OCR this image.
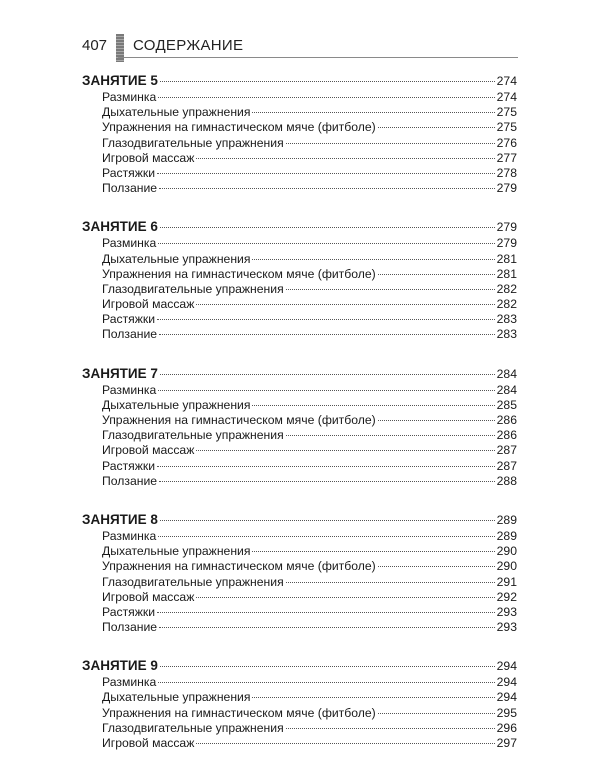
407 СОДЕРЖАНИЕ
ЗАНЯТИЕ 5	274
Разминка	274
Дыхательные упражнения	275
Упражнения на гимнастическом мяче (фитболе)	275
Глазодвигательные упражнения	276
Игровой массаж	277
Растяжки	278
Ползание	279
ЗАНЯТИЕ 6	279
Разминка	279
Дыхательные упражнения	281
Упражнения на гимнастическом мяче (фитболе)	281
Глазодвигательные упражнения	282
Игровой массаж	282
Растяжки	283
Ползание	283
ЗАНЯТИЕ 7	284
Разминка	284
Дыхательные упражнения	285
Упражнения на гимнастическом мяче (фитболе)	286
Глазодвигательные упражнения	286
Игровой массаж	287
Растяжки	287
Ползание	288
ЗАНЯТИЕ 8	289
Разминка	289
Дыхательные упражнения	290
Упражнения на гимнастическом мяче (фитболе)	290
Глазодвигательные упражнения	291
Игровой массаж	292
Растяжки	293
Ползание	293
ЗАНЯТИЕ 9	294
Разминка	294
Дыхательные упражнения	294
Упражнения на гимнастическом мяче (фитболе)	295
Глазодвигательные упражнения	296
Игровой массаж	297
